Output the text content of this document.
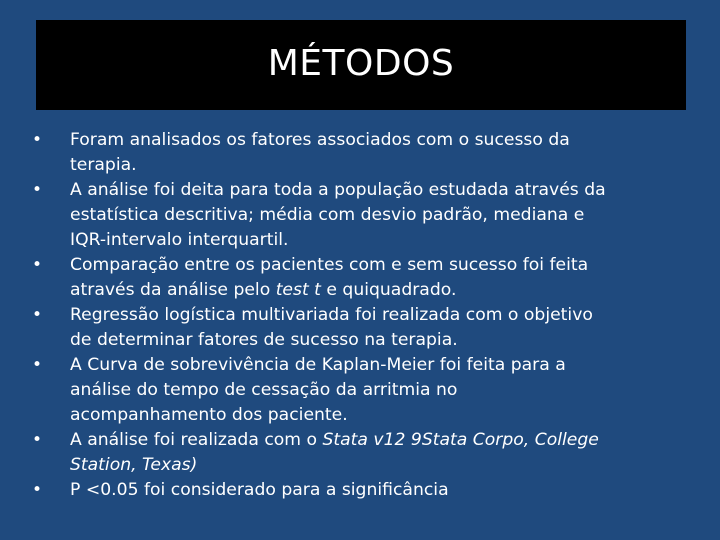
MÉTODOS
• Foram analisados os fatores associados com o sucesso da
terapia.
• A análise foi deita para toda a população estudada através da
estatística descritiva; média com desvio padrão, mediana e
IQR-intervalo interquartil.
• Comparação entre os pacientes com e sem sucesso foi feita
através da análise pelo test t e quiquadrado.
• Regressão logística multivariada foi realizada com o objetivo
de determinar fatores de sucesso na terapia.
• A Curva de sobrevivência de Kaplan-Meier foi feita para a
análise do tempo de cessação da arritmia no
acompanhamento dos paciente.
• A análise foi realizada com o Stata v12 9Stata Corpo, College
Station, Texas)
• P <0.05 foi considerado para a significância
